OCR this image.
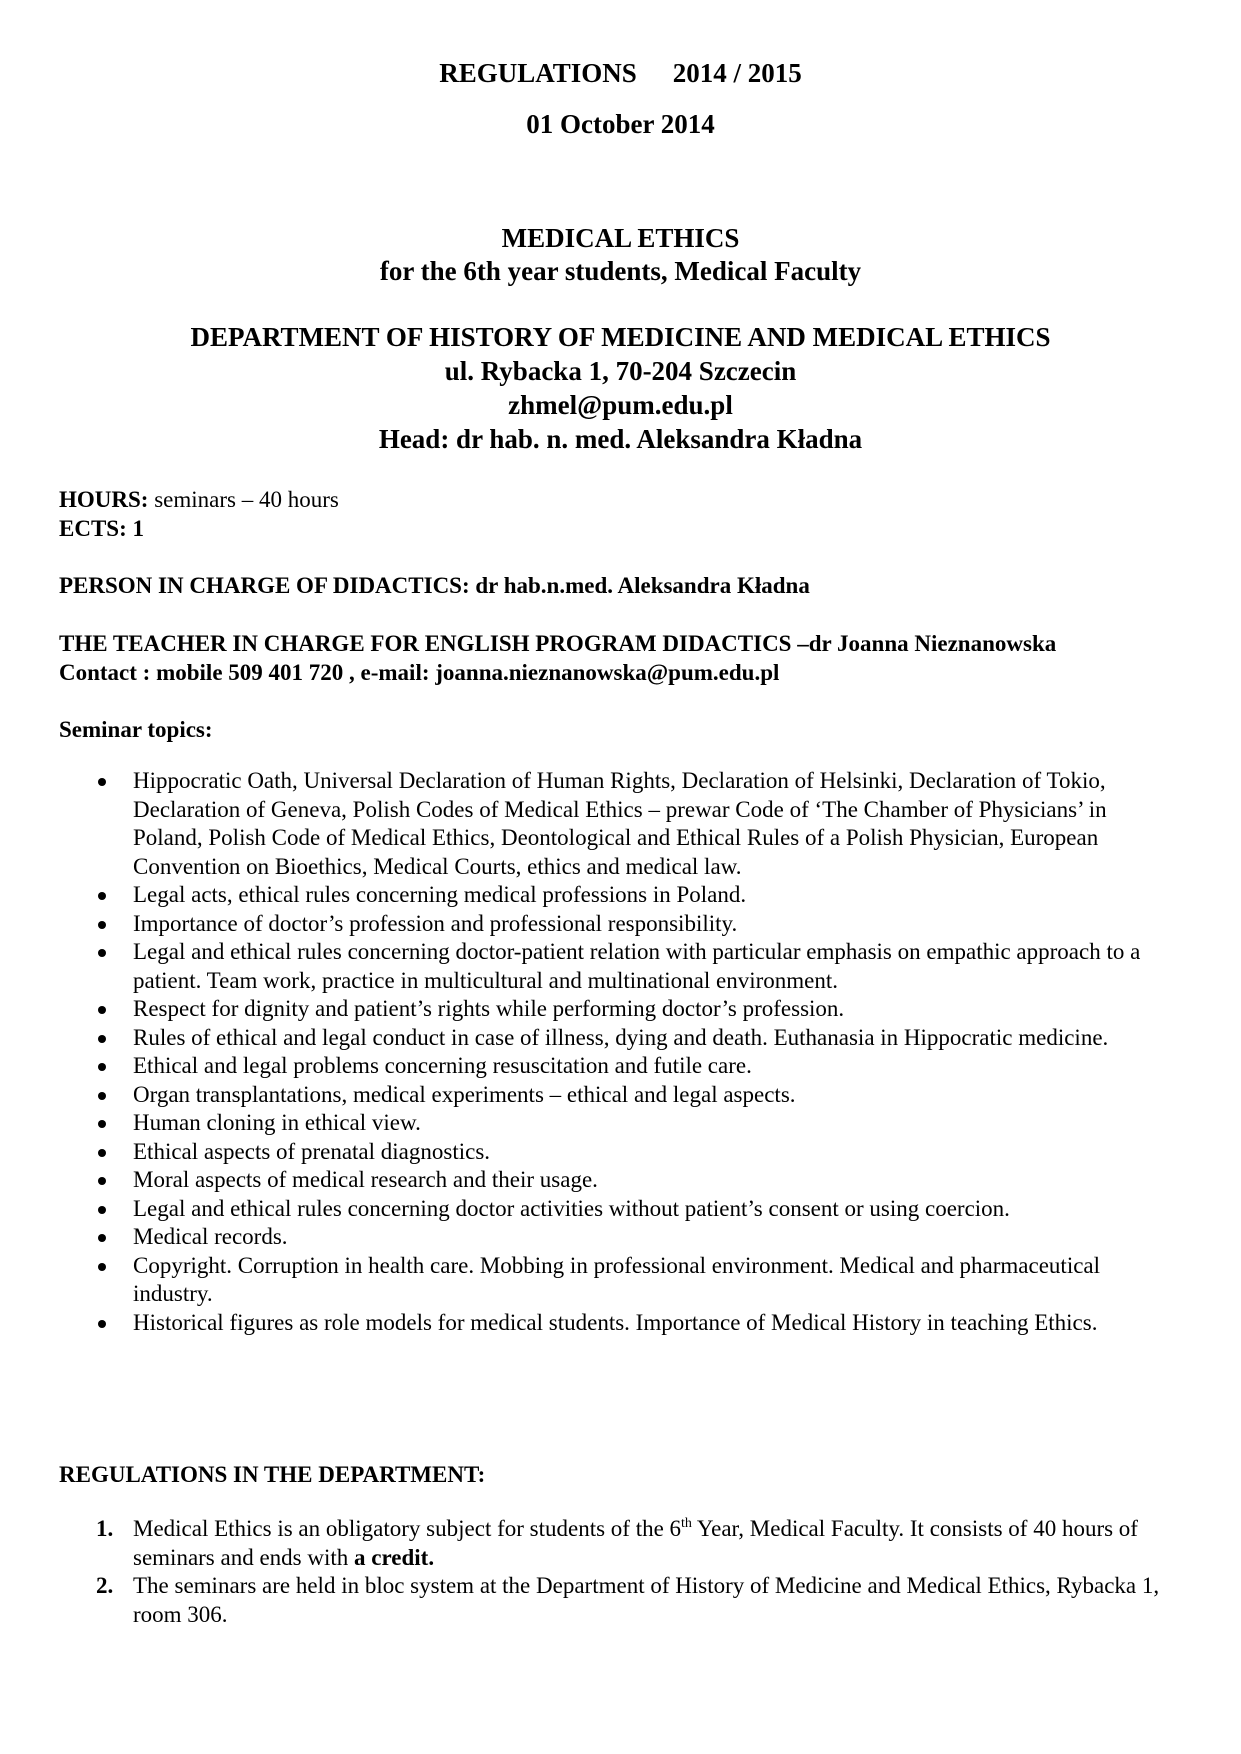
REGULATIONS 2014 / 2015
01 October 2014
MEDICAL ETHICS
for the 6th year students, Medical Faculty
DEPARTMENT OF HISTORY OF MEDICINE AND MEDICAL ETHICS
ul. Rybacka 1, 70-204 Szczecin
zhmel@pum.edu.pl
Head: dr hab. n. med. Aleksandra Kładna
HOURS: seminars – 40 hours
ECTS: 1
PERSON IN CHARGE OF DIDACTICS: dr hab.n.med. Aleksandra Kładna
THE TEACHER IN CHARGE FOR ENGLISH PROGRAM DIDACTICS –dr Joanna Nieznanowska
Contact : mobile 509 401 720 , e-mail: joanna.nieznanowska@pum.edu.pl
Seminar topics:
Hippocratic Oath, Universal Declaration of Human Rights, Declaration of Helsinki, Declaration of Tokio, Declaration of Geneva, Polish Codes of Medical Ethics – prewar Code of ‘The Chamber of Physicians’ in Poland, Polish Code of Medical Ethics, Deontological and Ethical Rules of a Polish Physician, European Convention on Bioethics, Medical Courts, ethics and medical law.
Legal acts, ethical rules concerning medical professions in Poland.
Importance of doctor’s profession and professional responsibility.
Legal and ethical rules concerning doctor-patient relation with particular emphasis on empathic approach to a patient. Team work, practice in multicultural and multinational environment.
Respect for dignity and patient’s rights while performing doctor’s profession.
Rules of ethical and legal conduct in case of illness, dying and death. Euthanasia in Hippocratic medicine.
Ethical and legal problems concerning resuscitation and futile care.
Organ transplantations, medical experiments – ethical and legal aspects.
Human cloning in ethical view.
Ethical aspects of prenatal diagnostics.
Moral aspects of medical research and their usage.
Legal and ethical rules concerning doctor activities without patient’s consent or using coercion.
Medical records.
Copyright. Corruption in health care. Mobbing in professional environment. Medical and pharmaceutical industry.
Historical figures as role models for medical students. Importance of Medical History in teaching Ethics.
REGULATIONS IN THE DEPARTMENT:
1. Medical Ethics is an obligatory subject for students of the 6th Year, Medical Faculty. It consists of 40 hours of seminars and ends with a credit.
2. The seminars are held in bloc system at the Department of History of Medicine and Medical Ethics, Rybacka 1, room 306.
